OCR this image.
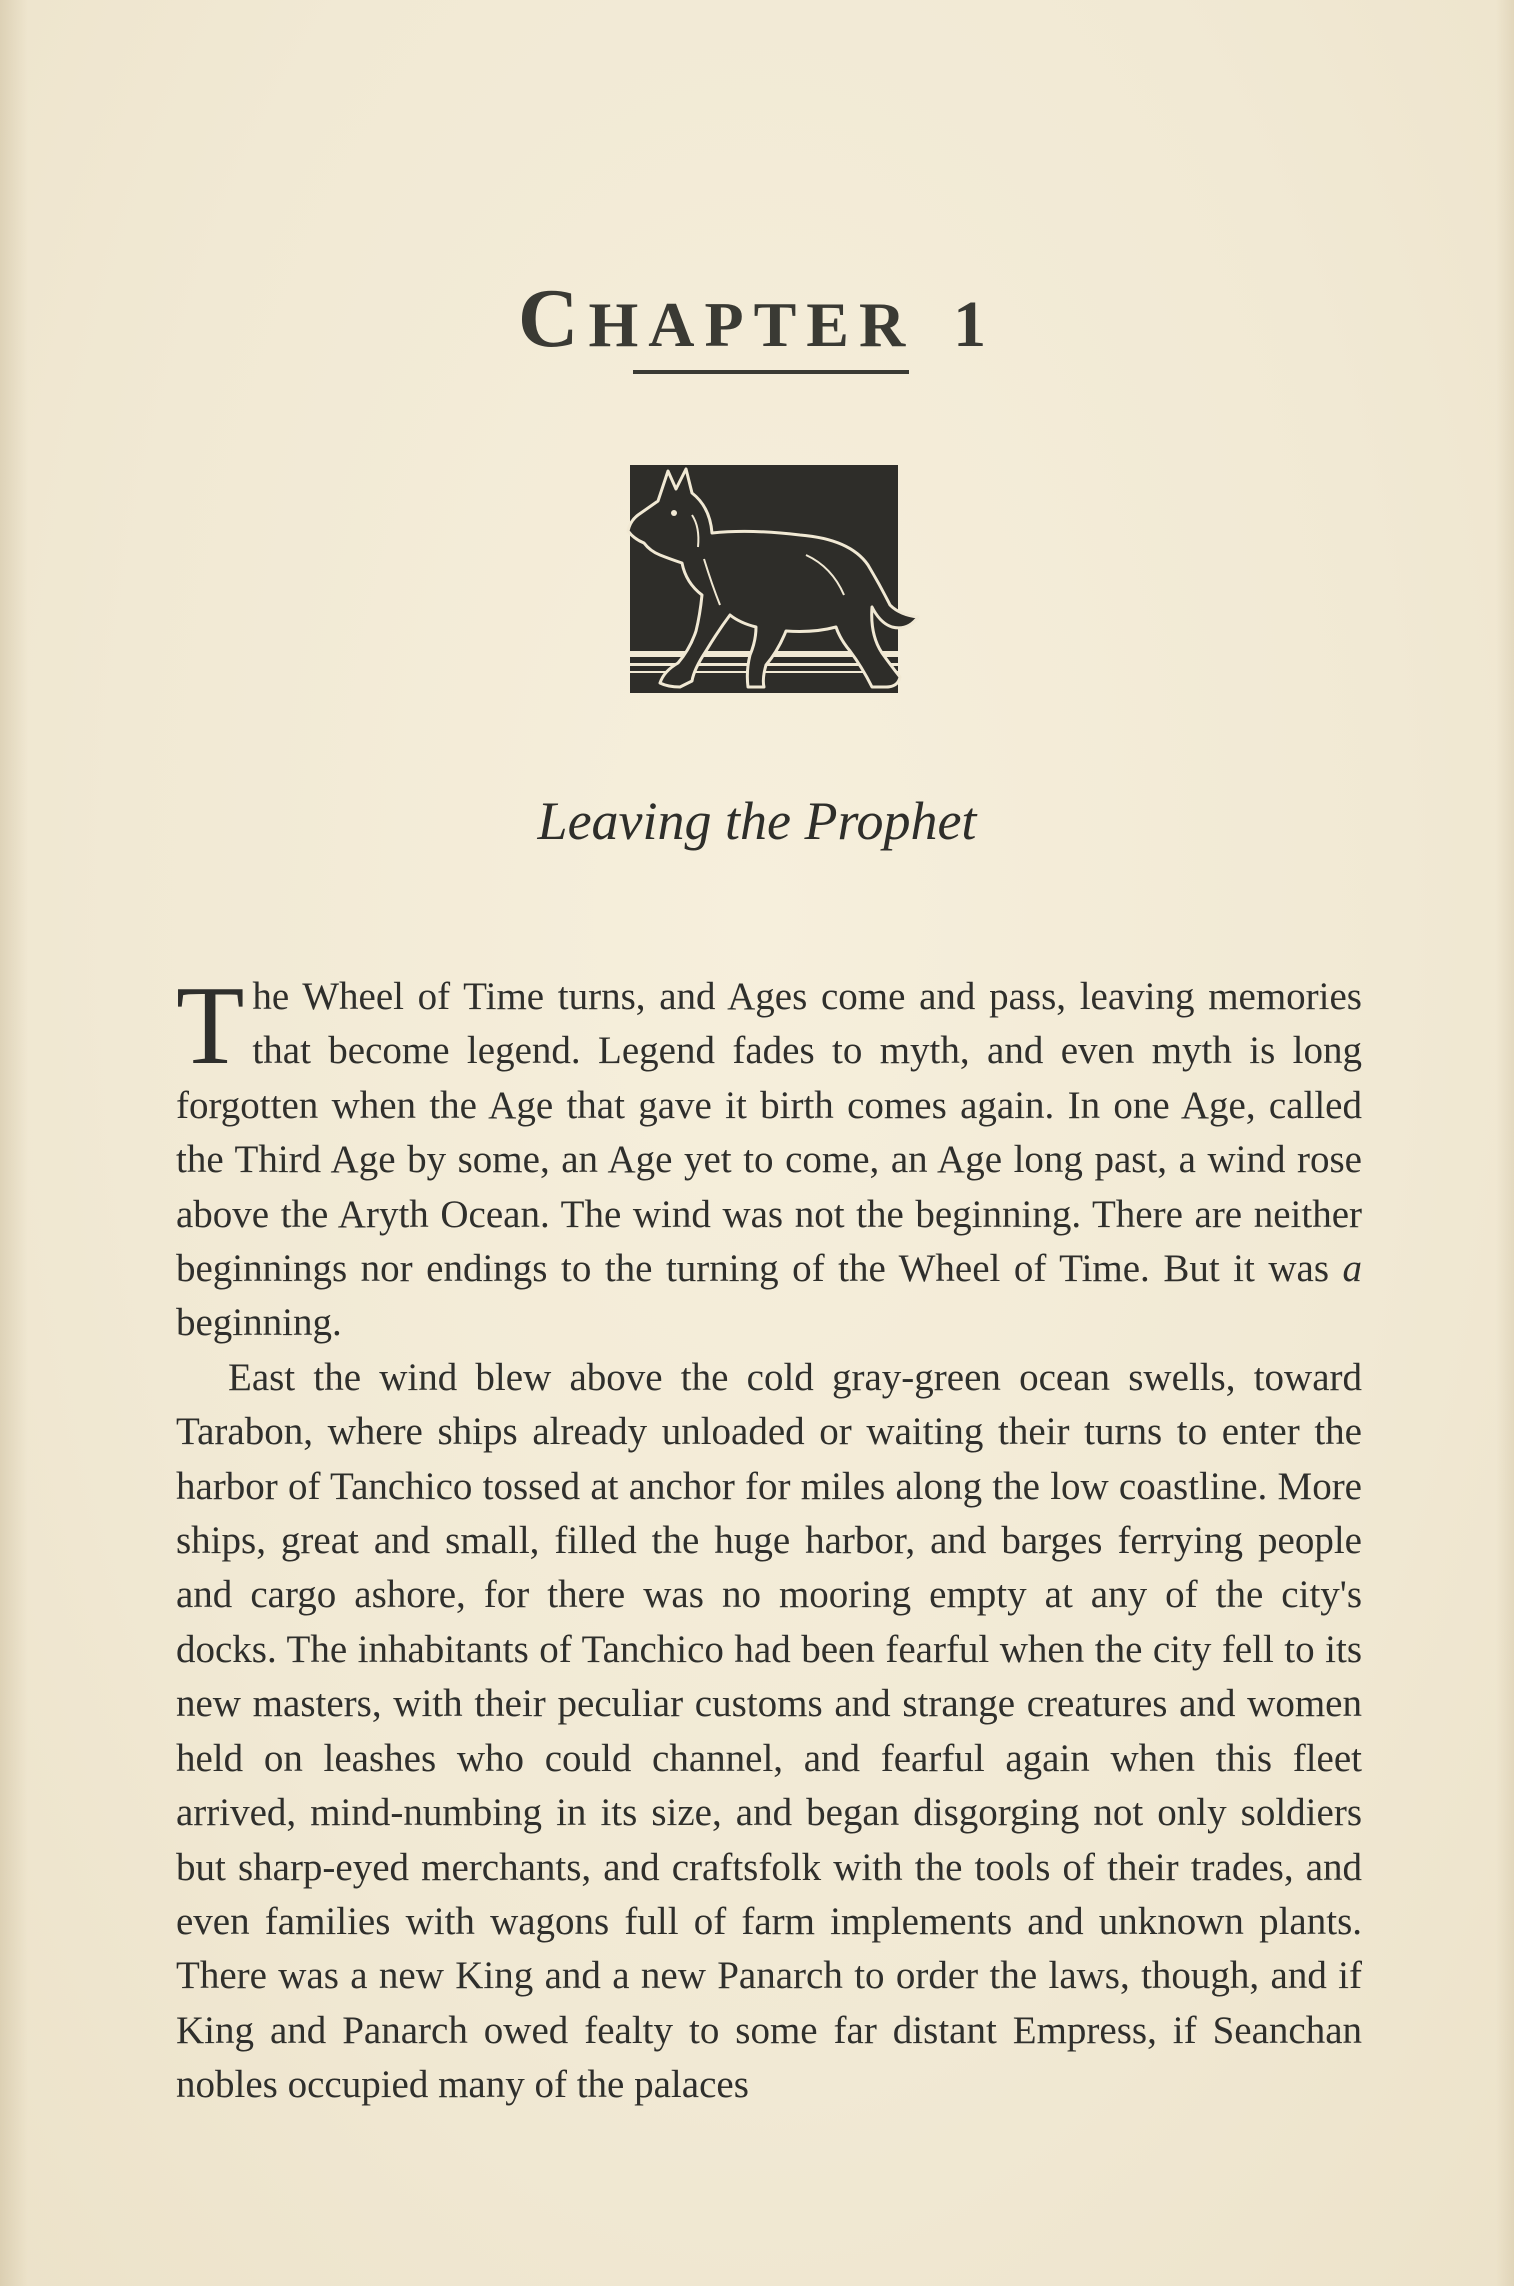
CHAPTER 1
Leaving the Prophet

The Wheel of Time turns, and Ages come and pass, leaving memories that become legend. Legend fades to myth, and even myth is long forgotten when the Age that gave it birth comes again. In one Age, called the Third Age by some, an Age yet to come, an Age long past, a wind rose above the Aryth Ocean. The wind was not the beginning. There are neither beginnings nor endings to the turning of the Wheel of Time. But it was a beginning.

East the wind blew above the cold gray-green ocean swells, toward Tarabon, where ships already unloaded or waiting their turns to enter the harbor of Tanchico tossed at anchor for miles along the low coastline. More ships, great and small, filled the huge harbor, and barges ferrying people and cargo ashore, for there was no mooring empty at any of the city's docks. The inhabitants of Tanchico had been fearful when the city fell to its new masters, with their peculiar customs and strange creatures and women held on leashes who could channel, and fearful again when this fleet arrived, mind-numbing in its size, and began disgorging not only soldiers but sharp-eyed merchants, and craftsfolk with the tools of their trades, and even families with wagons full of farm implements and unknown plants. There was a new King and a new Panarch to order the laws, though, and if King and Panarch owed fealty to some far distant Empress, if Seanchan nobles occupied many of the palaces
